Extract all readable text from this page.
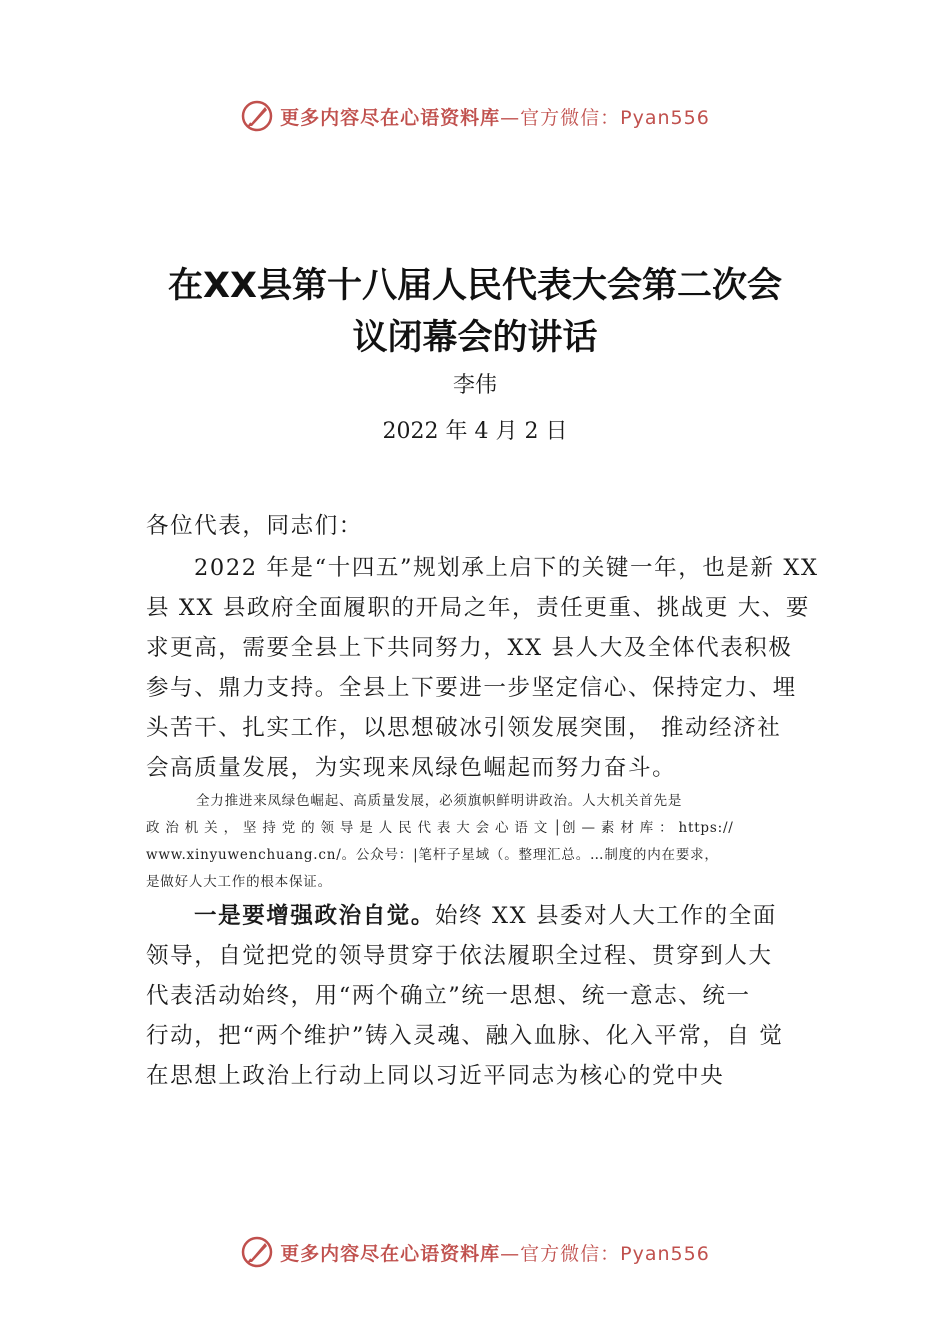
更多内容尽在心语资料库 —官方微信：Pyan556
在XX县第十八届人民代表大会第二次会
议闭幕会的讲话
李伟
2022 年 4 月 2 日
各位代表，同志们：
2022 年是“十四五”规划承上启下的关键一年，也是新 XX
县 XX 县政府全面履职的开局之年，责任更重、挑战更 大、要
求更高，需要全县上下共同努力，XX 县人大及全体代表积极
参与、鼎力支持。全县上下要进一步坚定信心、保持定力、埋
头苦干、扎实工作，以思想破冰引领发展突围， 推动经济社
会高质量发展，为实现来凤绿色崛起而努力奋斗。
全力推进来凤绿色崛起、高质量发展，必须旗帜鲜明讲政治。人大机关首先是
政 治 机 关 ， 坚 持 党 的 领 导 是 人 民 代 表 大 会 心 语 文 │创 — 素 材 库 ： https://
www.xinyuwenchuang.cn/。公众号：|笔杆子星域（。整理汇总。…制度的内在要求，
是做好人大工作的根本保证。
一是要增强政治自觉。始终 XX 县委对人大工作的全面
领导，自觉把党的领导贯穿于依法履职全过程、贯穿到人大
代表活动始终，用“两个确立”统一思想、统一意志、统一
行动，把“两个维护”铸入灵魂、融入血脉、化入平常，自 觉
在思想上政治上行动上同以习近平同志为核心的党中央
更多内容尽在心语资料库 —官方微信：Pyan556
